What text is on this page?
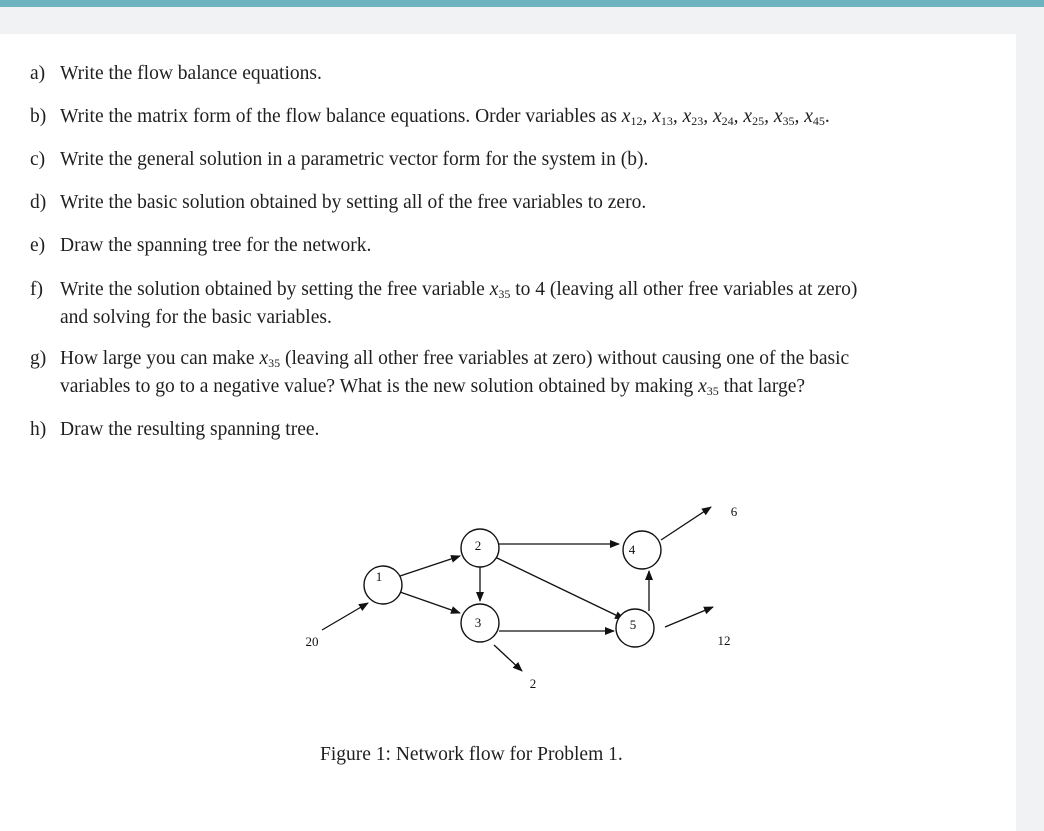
a) Write the flow balance equations.
b) Write the matrix form of the flow balance equations. Order variables as $x_{12}$, $x_{13}$, $x_{23}$, $x_{24}$, $x_{25}$, $x_{35}$, $x_{45}$.
c) Write the general solution in a parametric vector form for the system in (b).
d) Write the basic solution obtained by setting all of the free variables to zero.
e) Draw the spanning tree for the network.
f) Write the solution obtained by setting the free variable $x_{35}$ to 4 (leaving all other free variables at zero)
and solving for the basic variables.
g) How large you can make $x_{35}$ (leaving all other free variables at zero) without causing one of the basic
variables to go to a negative value? What is the new solution obtained by making $x_{35}$ that large?
h) Draw the resulting spanning tree.
1
2
3
4
5
20
2
6
12
Figure 1: Network flow for Problem 1.
